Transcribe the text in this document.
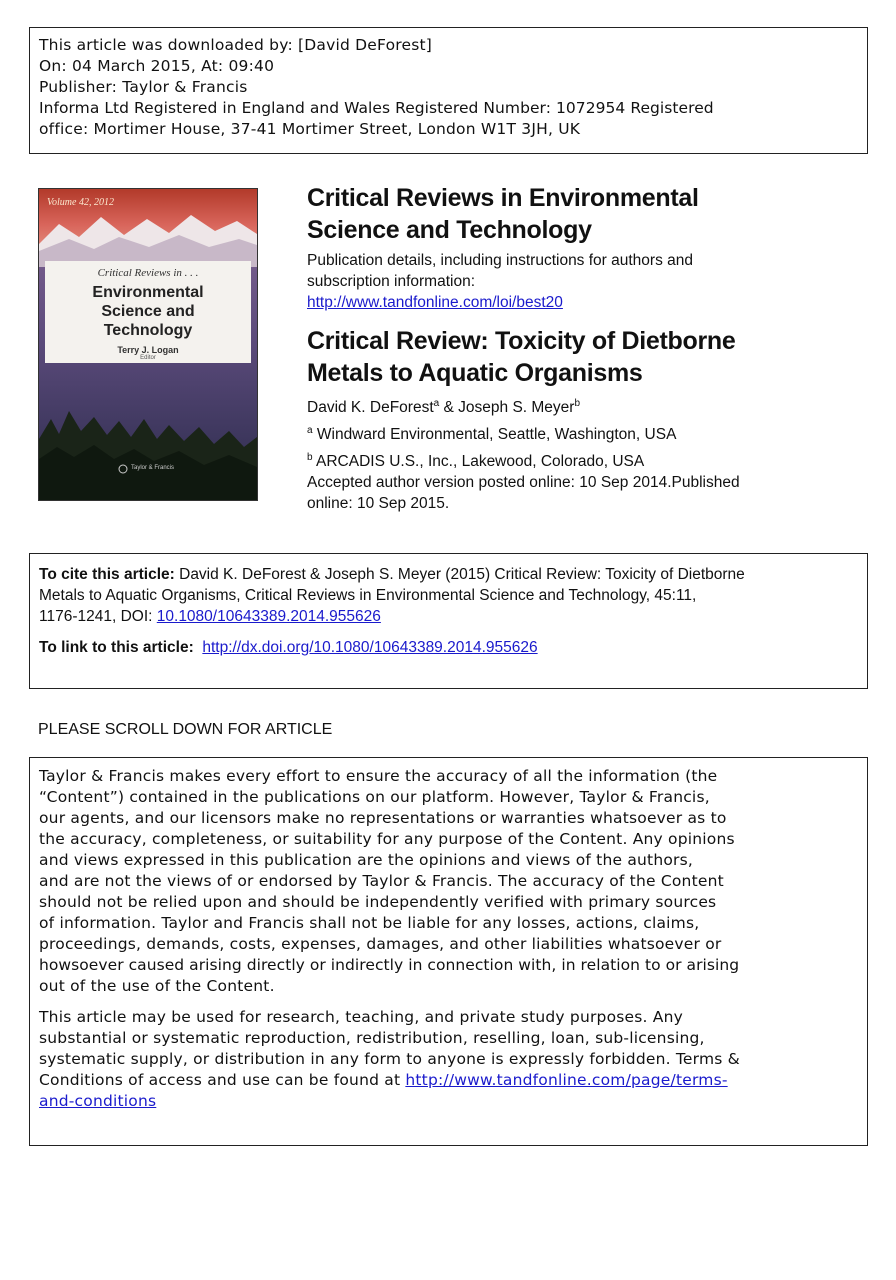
This article was downloaded by: [David DeForest]
On: 04 March 2015, At: 09:40
Publisher: Taylor & Francis
Informa Ltd Registered in England and Wales Registered Number: 1072954 Registered
office: Mortimer House, 37-41 Mortimer Street, London W1T 3JH, UK
Volume 42, 2012
Critical Reviews in . . .
Environmental
Science and
Technology
Terry J. Logan
Editor
Taylor & Francis
Critical Reviews in Environmental
Science and Technology
Publication details, including instructions for authors and
subscription information:
http://www.tandfonline.com/loi/best20
Critical Review: Toxicity of Dietborne
Metals to Aquatic Organisms
David K. DeForest$^a$ & Joseph S. Meyer$^b$
$^a$ Windward Environmental, Seattle, Washington, USA
$^b$ ARCADIS U.S., Inc., Lakewood, Colorado, USA
Accepted author version posted online: 10 Sep 2014.Published
online: 10 Sep 2015.
To cite this article: David K. DeForest & Joseph S. Meyer (2015) Critical Review: Toxicity of Dietborne
Metals to Aquatic Organisms, Critical Reviews in Environmental Science and Technology, 45:11,
1176-1241, DOI: 10.1080/10643389.2014.955626
To link to this article: http://dx.doi.org/10.1080/10643389.2014.955626
PLEASE SCROLL DOWN FOR ARTICLE

Taylor & Francis makes every effort to ensure the accuracy of all the information (the
“Content”) contained in the publications on our platform. However, Taylor & Francis,
our agents, and our licensors make no representations or warranties whatsoever as to
the accuracy, completeness, or suitability for any purpose of the Content. Any opinions
and views expressed in this publication are the opinions and views of the authors,
and are not the views of or endorsed by Taylor & Francis. The accuracy of the Content
should not be relied upon and should be independently verified with primary sources
of information. Taylor and Francis shall not be liable for any losses, actions, claims,
proceedings, demands, costs, expenses, damages, and other liabilities whatsoever or
howsoever caused arising directly or indirectly in connection with, in relation to or arising
out of the use of the Content.

This article may be used for research, teaching, and private study purposes. Any
substantial or systematic reproduction, redistribution, reselling, loan, sub-licensing,
systematic supply, or distribution in any form to anyone is expressly forbidden. Terms &
Conditions of access and use can be found at http://www.tandfonline.com/page/terms-
and-conditions
